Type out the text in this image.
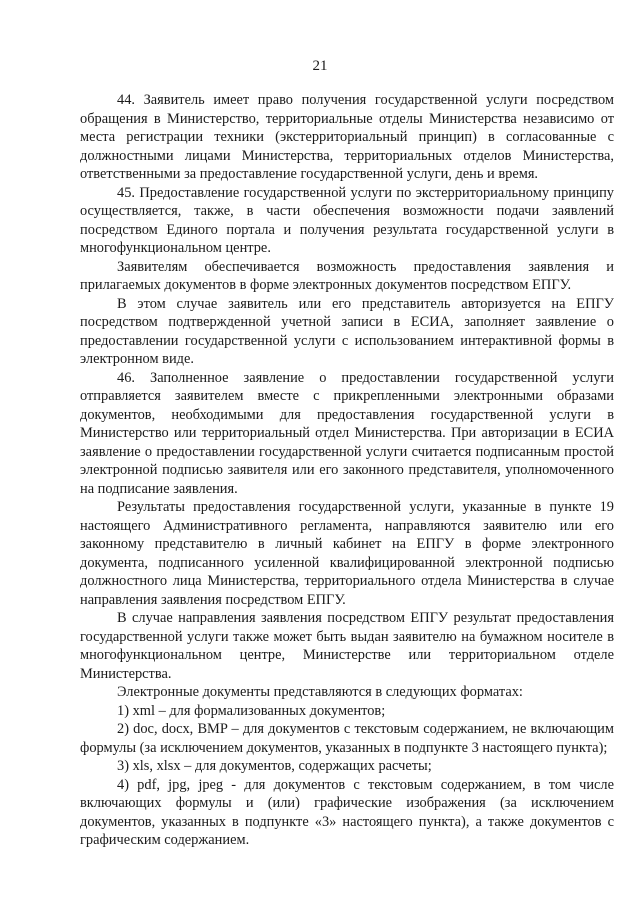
21

44. Заявитель имеет право получения государственной услуги посредством обращения в Министерство, территориальные отделы Министерства независимо от места регистрации техники (экстерриториальный принцип) в согласованные с должностными лицами Министерства, территориальных отделов Министерства, ответственными за предоставление государственной услуги, день и время.

45. Предоставление государственной услуги по экстерриториальному принципу осуществляется, также, в части обеспечения возможности подачи заявлений посредством Единого портала и получения результата государственной услуги в многофункциональном центре.

Заявителям обеспечивается возможность предоставления заявления и прилагаемых документов в форме электронных документов посредством ЕПГУ.

В этом случае заявитель или его представитель авторизуется на ЕПГУ посредством подтвержденной учетной записи в ЕСИА, заполняет заявление о предоставлении государственной услуги с использованием интерактивной формы в электронном виде.

46. Заполненное заявление о предоставлении государственной услуги отправляется заявителем вместе с прикрепленными электронными образами документов, необходимыми для предоставления государственной услуги в Министерство или территориальный отдел Министерства. При авторизации в ЕСИА заявление о предоставлении государственной услуги считается подписанным простой электронной подписью заявителя или его законного представителя, уполномоченного на подписание заявления.

Результаты предоставления государственной услуги, указанные в пункте 19 настоящего Административного регламента, направляются заявителю или его законному представителю в личный кабинет на ЕПГУ в форме электронного документа, подписанного усиленной квалифицированной электронной подписью должностного лица Министерства, территориального отдела Министерства в случае направления заявления посредством ЕПГУ.

В случае направления заявления посредством ЕПГУ результат предоставления государственной услуги также может быть выдан заявителю на бумажном носителе в многофункциональном центре, Министерстве или территориальном отделе Министерства.

Электронные документы представляются в следующих форматах:

1) xml – для формализованных документов;

2) doc, docx, BMP – для документов с текстовым содержанием, не включающим формулы (за исключением документов, указанных в подпункте 3 настоящего пункта);

3) xls, xlsx – для документов, содержащих расчеты;

4) pdf, jpg, jpeg - для документов с текстовым содержанием, в том числе включающих формулы и (или) графические изображения (за исключением документов, указанных в подпункте «3» настоящего пункта), а также документов с графическим содержанием.
